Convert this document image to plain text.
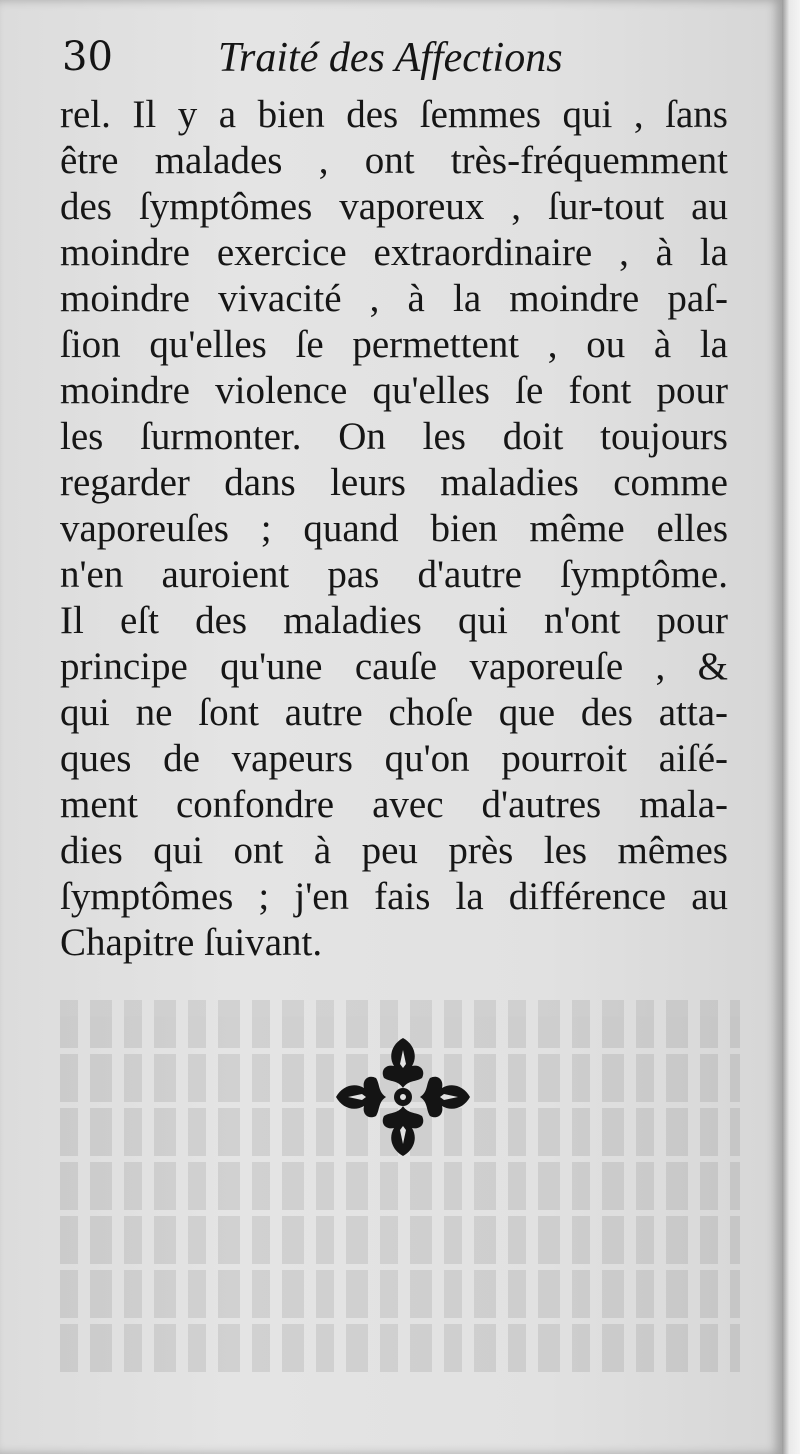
30	Traité des Affections
rel. Il y a bien des ſemmes qui , ſans
être malades , ont très-fréquemment
des ſymptômes vaporeux , ſur-tout au
moindre exercice extraordinaire , à la
moindre vivacité , à la moindre paſ-
ſion qu'elles ſe permettent , ou à la
moindre violence qu'elles ſe font pour
les ſurmonter. On les doit toujours
regarder dans leurs maladies comme
vaporeuſes ; quand bien même elles
n'en auroient pas d'autre ſymptôme.
Il eſt des maladies qui n'ont pour
principe qu'une cauſe vaporeuſe , &
qui ne ſont autre choſe que des atta-
ques de vapeurs qu'on pourroit aiſé-
ment confondre avec d'autres mala-
dies qui ont à peu près les mêmes
ſymptômes ; j'en fais la différence au
Chapitre ſuivant.
